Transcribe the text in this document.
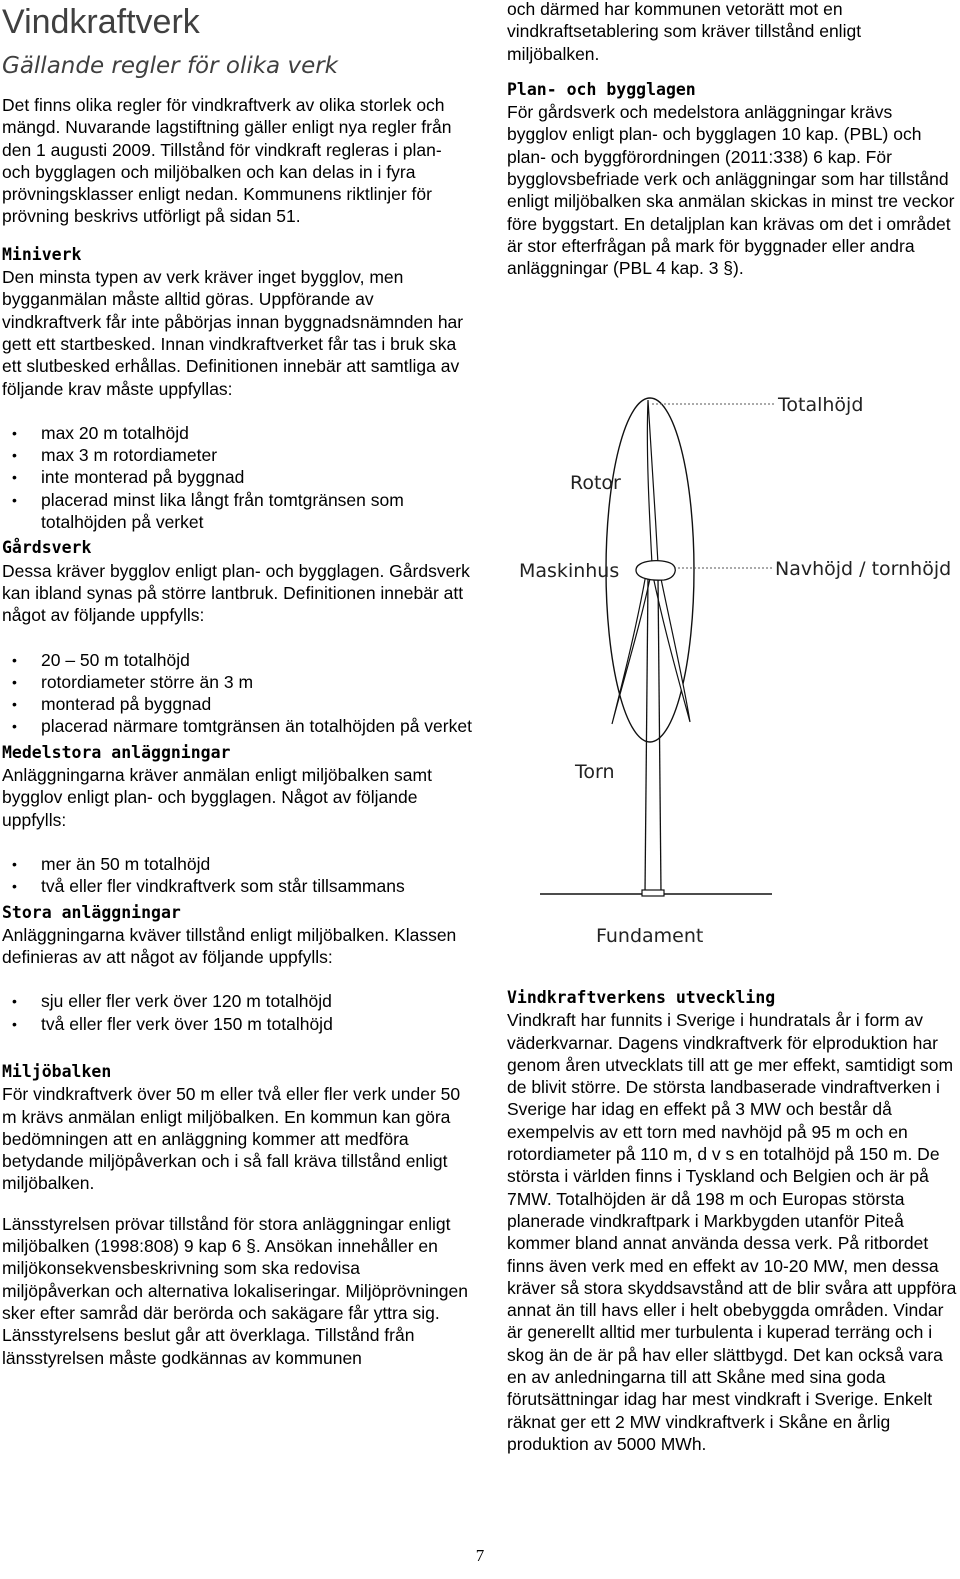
Vindkraftverk
Gällande regler för olika verk

Det finns olika regler för vindkraftverk av olika storlek och mängd. Nuvarande lagstiftning gäller enligt nya regler från den 1 augusti 2009. Tillstånd för vindkraft regleras i plan- och bygglagen och miljöbalken och kan delas in i fyra prövningsklasser enligt nedan. Kommunens riktlinjer för prövning beskrivs utförligt på sidan 51.

Miniverk

Den minsta typen av verk kräver inget bygglov, men bygganmälan måste alltid göras. Uppförande av vindkraftverk får inte påbörjas innan byggnadsnämnden har gett ett startbesked. Innan vindkraftverket får tas i bruk ska ett slutbesked erhållas. Definitionen innebär att samtliga av följande krav måste uppfyllas:

• max 20 m totalhöjd
• max 3 m rotordiameter
• inte monterad på byggnad
• placerad minst lika långt från tomtgränsen som totalhöjden på verket
Gårdsverk

Dessa kräver bygglov enligt plan- och bygglagen. Gårdsverk kan ibland synas på större lantbruk. Definitionen innebär att något av följande uppfylls:

• 20 – 50 m totalhöjd
• rotordiameter större än 3 m
• monterad på byggnad
• placerad närmare tomtgränsen än totalhöjden på verket
Medelstora anläggningar

Anläggningarna kräver anmälan enligt miljöbalken samt bygglov enligt plan- och bygglagen. Något av följande uppfylls:

• mer än 50 m totalhöjd
• två eller fler vindkraftverk som står tillsammans
Stora anläggningar

Anläggningarna kväver tillstånd enligt miljöbalken. Klassen definieras av att något av följande uppfylls:

• sju eller fler verk över 120 m totalhöjd
• två eller fler verk över 150 m totalhöjd
Miljöbalken

För vindkraftverk över 50 m eller två eller fler verk under 50 m krävs anmälan enligt miljöbalken. En kommun kan göra bedömningen att en anläggning kommer att medföra betydande miljöpåverkan och i så fall kräva tillstånd enligt miljöbalken.

Länsstyrelsen prövar tillstånd för stora anläggningar enligt miljöbalken (1998:808) 9 kap 6 §. Ansökan innehåller en miljökonsekvensbeskrivning som ska redovisa miljöpåverkan och alternativa lokaliseringar. Miljöprövningen sker efter samråd där berörda och sakägare får yttra sig. Länsstyrelsens beslut går att överklaga. Tillstånd från länsstyrelsen måste godkännas av kommunen

och därmed har kommunen vetorätt mot en vindkraftsetablering som kräver tillstånd enligt miljöbalken.

Plan- och bygglagen

För gårdsverk och medelstora anläggningar krävs bygglov enligt plan- och bygglagen 10 kap. (PBL) och plan- och byggförordningen (2011:338) 6 kap. För bygglovsbefriade verk och anläggningar som har tillstånd enligt miljöbalken ska anmälan skickas in minst tre veckor före byggstart. En detaljplan kan krävas om det i området är stor efterfrågan på mark för byggnader eller andra anläggningar (PBL 4 kap. 3 §).

Vindkraftverkens utveckling

Vindkraft har funnits i Sverige i hundratals år i form av väderkvarnar. Dagens vindkraftverk för elproduktion har genom åren utvecklats till att ge mer effekt, samtidigt som de blivit större. De största landbaserade vindraftverken i Sverige har idag en effekt på 3 MW och består då exempelvis av ett torn med navhöjd på 95 m och en rotordiameter på 110 m, d v s en totalhöjd på 150 m. De största i världen finns i Tyskland och Belgien och är på 7MW. Totalhöjden är då 198 m och Europas största planerade vindkraftpark i Markbygden utanför Piteå kommer bland annat använda dessa verk. På ritbordet finns även verk med en effekt av 10-20 MW, men dessa kräver så stora skyddsavstånd att de blir svåra att uppföra annat än till havs eller i helt obebyggda områden. Vindar är generellt alltid mer turbulenta i kuperad terräng och i skog än de är på hav eller slättbygd. Det kan också vara en av anledningarna till att Skåne med sina goda förutsättningar idag har mest vindkraft i Sverige. Enkelt räknat ger ett 2 MW vindkraftverk i Skåne en årlig produktion av 5000 MWh.

Totalhöjd
Rotor
Maskinhus	Navhöjd / tornhöjd
Torn
Fundament
7
